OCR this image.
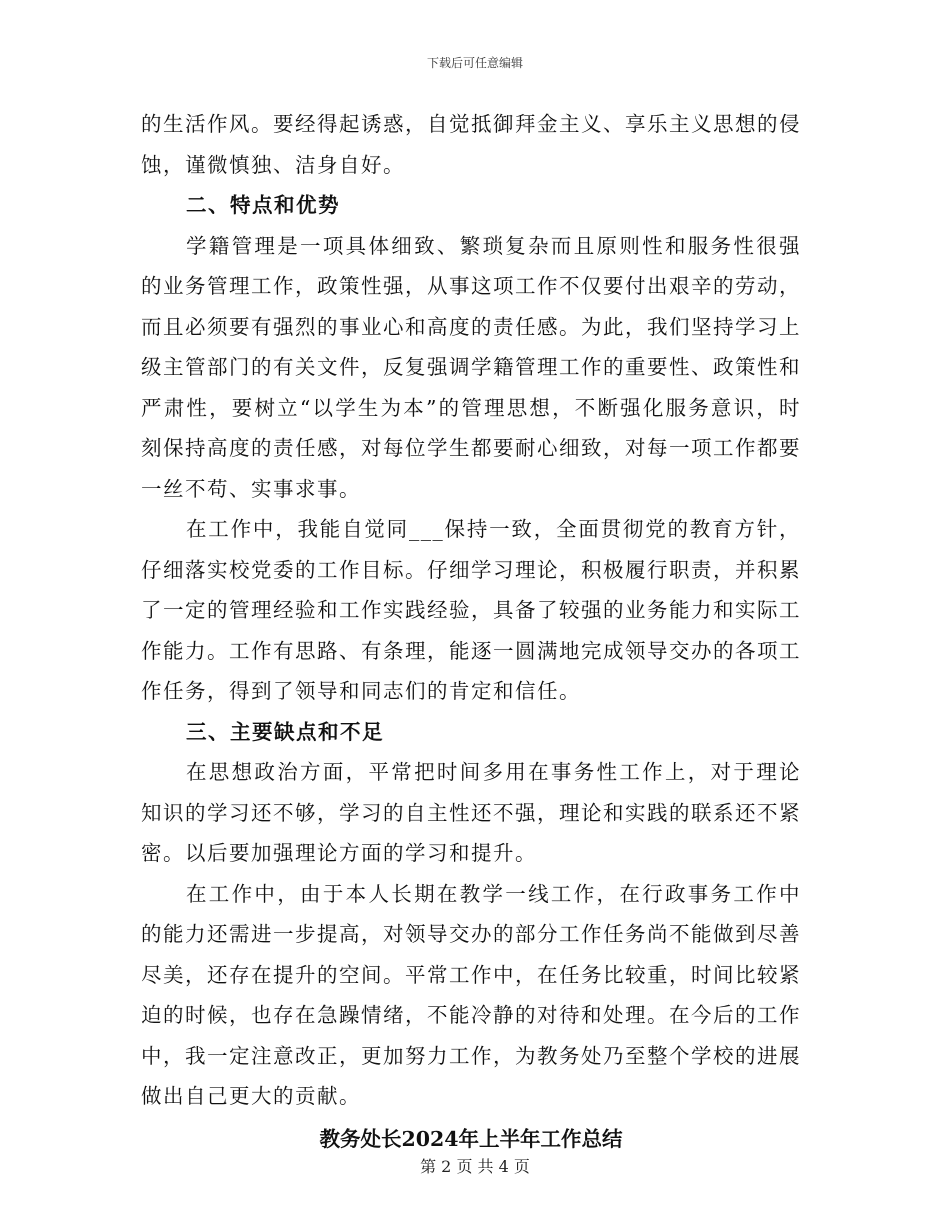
下载后可任意编辑

的生活作风。要经得起诱惑，自觉抵御拜金主义、享乐主义思想的侵蚀，谨微慎独、洁身自好。

二、特点和优势

学籍管理是一项具体细致、繁琐复杂而且原则性和服务性很强的业务管理工作，政策性强，从事这项工作不仅要付出艰辛的劳动，而且必须要有强烈的事业心和高度的责任感。为此，我们坚持学习上级主管部门的有关文件，反复强调学籍管理工作的重要性、政策性和严肃性，要树立“以学生为本”的管理思想，不断强化服务意识，时刻保持高度的责任感，对每位学生都要耐心细致，对每一项工作都要一丝不苟、实事求事。

在工作中，我能自觉同___保持一致，全面贯彻党的教育方针，仔细落实校党委的工作目标。仔细学习理论，积极履行职责，并积累了一定的管理经验和工作实践经验，具备了较强的业务能力和实际工作能力。工作有思路、有条理，能逐一圆满地完成领导交办的各项工作任务，得到了领导和同志们的肯定和信任。

三、主要缺点和不足

在思想政治方面，平常把时间多用在事务性工作上，对于理论知识的学习还不够，学习的自主性还不强，理论和实践的联系还不紧密。以后要加强理论方面的学习和提升。

在工作中，由于本人长期在教学一线工作，在行政事务工作中的能力还需进一步提高，对领导交办的部分工作任务尚不能做到尽善尽美，还存在提升的空间。平常工作中，在任务比较重，时间比较紧迫的时候，也存在急躁情绪，不能冷静的对待和处理。在今后的工作中，我一定注意改正，更加努力工作，为教务处乃至整个学校的进展做出自己更大的贡献。

教务处长2024年上半年工作总结

第 2 页 共 4 页
